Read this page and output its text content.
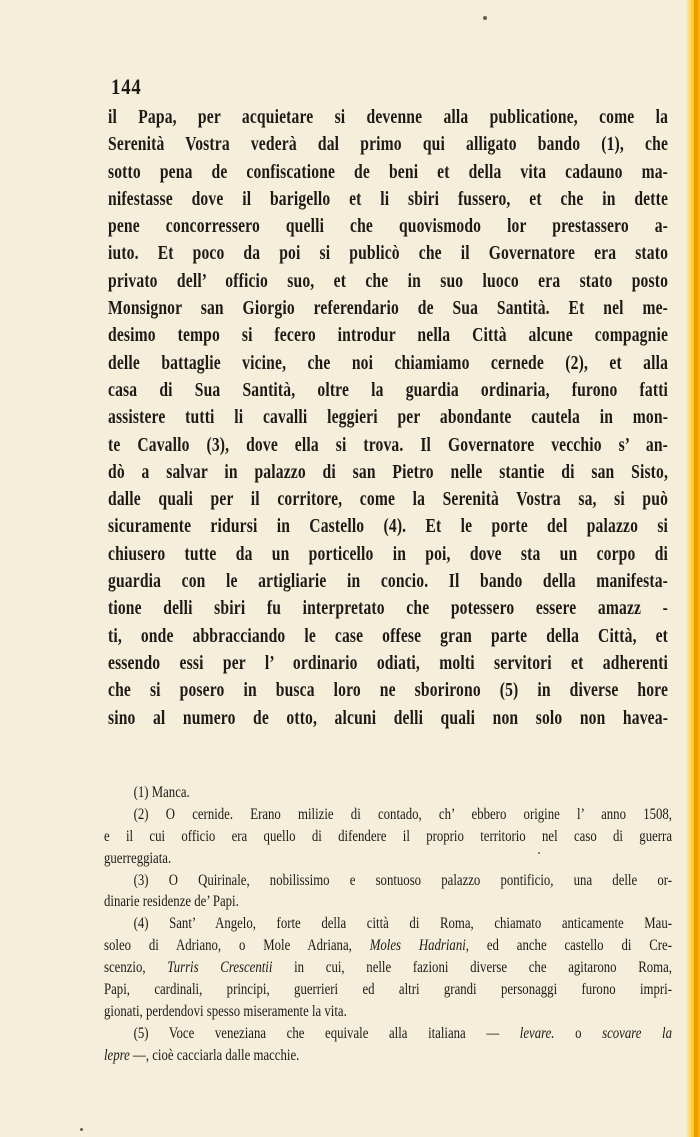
144
il Papa, per acquietare si devenne alla publicatione, come la
Serenità Vostra vederà dal primo qui alligato bando (1), che
sotto pena de confiscatione de beni et della vita cadauno ma-
nifestasse dove il barigello et li sbiri fussero, et che in dette
pene concorressero quelli che quovismodo lor prestassero a-
iuto. Et poco da poi si publicò che il Governatore era stato
privato dell’ officio suo, et che in suo luoco era stato posto
Monsignor san Giorgio referendario de Sua Santità. Et nel me-
desimo tempo si fecero introdur nella Città alcune compagnie
delle battaglie vicine, che noi chiamiamo cernede (2), et alla
casa di Sua Santità, oltre la guardia ordinaria, furono fatti
assistere tutti li cavalli leggieri per abondante cautela in mon-
te Cavallo (3), dove ella si trova. Il Governatore vecchio s’ an-
dò a salvar in palazzo di san Pietro nelle stantie di san Sisto,
dalle quali per il corritore, come la Serenità Vostra sa, si può
sicuramente ridursi in Castello (4). Et le porte del palazzo si
chiusero tutte da un porticello in poi, dove sta un corpo di
guardia con le artigliarie in concio. Il bando della manifesta-
tione delli sbiri fu interpretato che potessero essere amazz -
ti, onde abbracciando le case offese gran parte della Città, et
essendo essi per l’ ordinario odiati, molti servitori et adherenti
che si posero in busca loro ne sborirono (5) in diverse hore
sino al numero de otto, alcuni delli quali non solo non havea-
(1) Manca.
(2) O cernide. Erano milizie di contado, ch’ ebbero origine l’ anno 1508,
e il cui officio era quello di difendere il proprio territorio nel caso di guerra
guerreggiata.
(3) O Quirinale, nobilissimo e sontuoso palazzo pontificio, una delle or-
dinarie residenze de’ Papi.
(4) Sant’ Angelo, forte della città di Roma, chiamato anticamente Mau-
soleo di Adriano, o Mole Adriana, Moles Hadriani, ed anche castello di Cre-
scenzio, Turris Crescentii in cui, nelle fazioni diverse che agitarono Roma,
Papi, cardinali, principi, guerrieri ed altri grandi personaggi furono impri-
gionati, perdendovi spesso miseramente la vita.
(5) Voce veneziana che equivale alla italiana — levare. o scovare la
lepre —, cioè cacciarla dalle macchie.
